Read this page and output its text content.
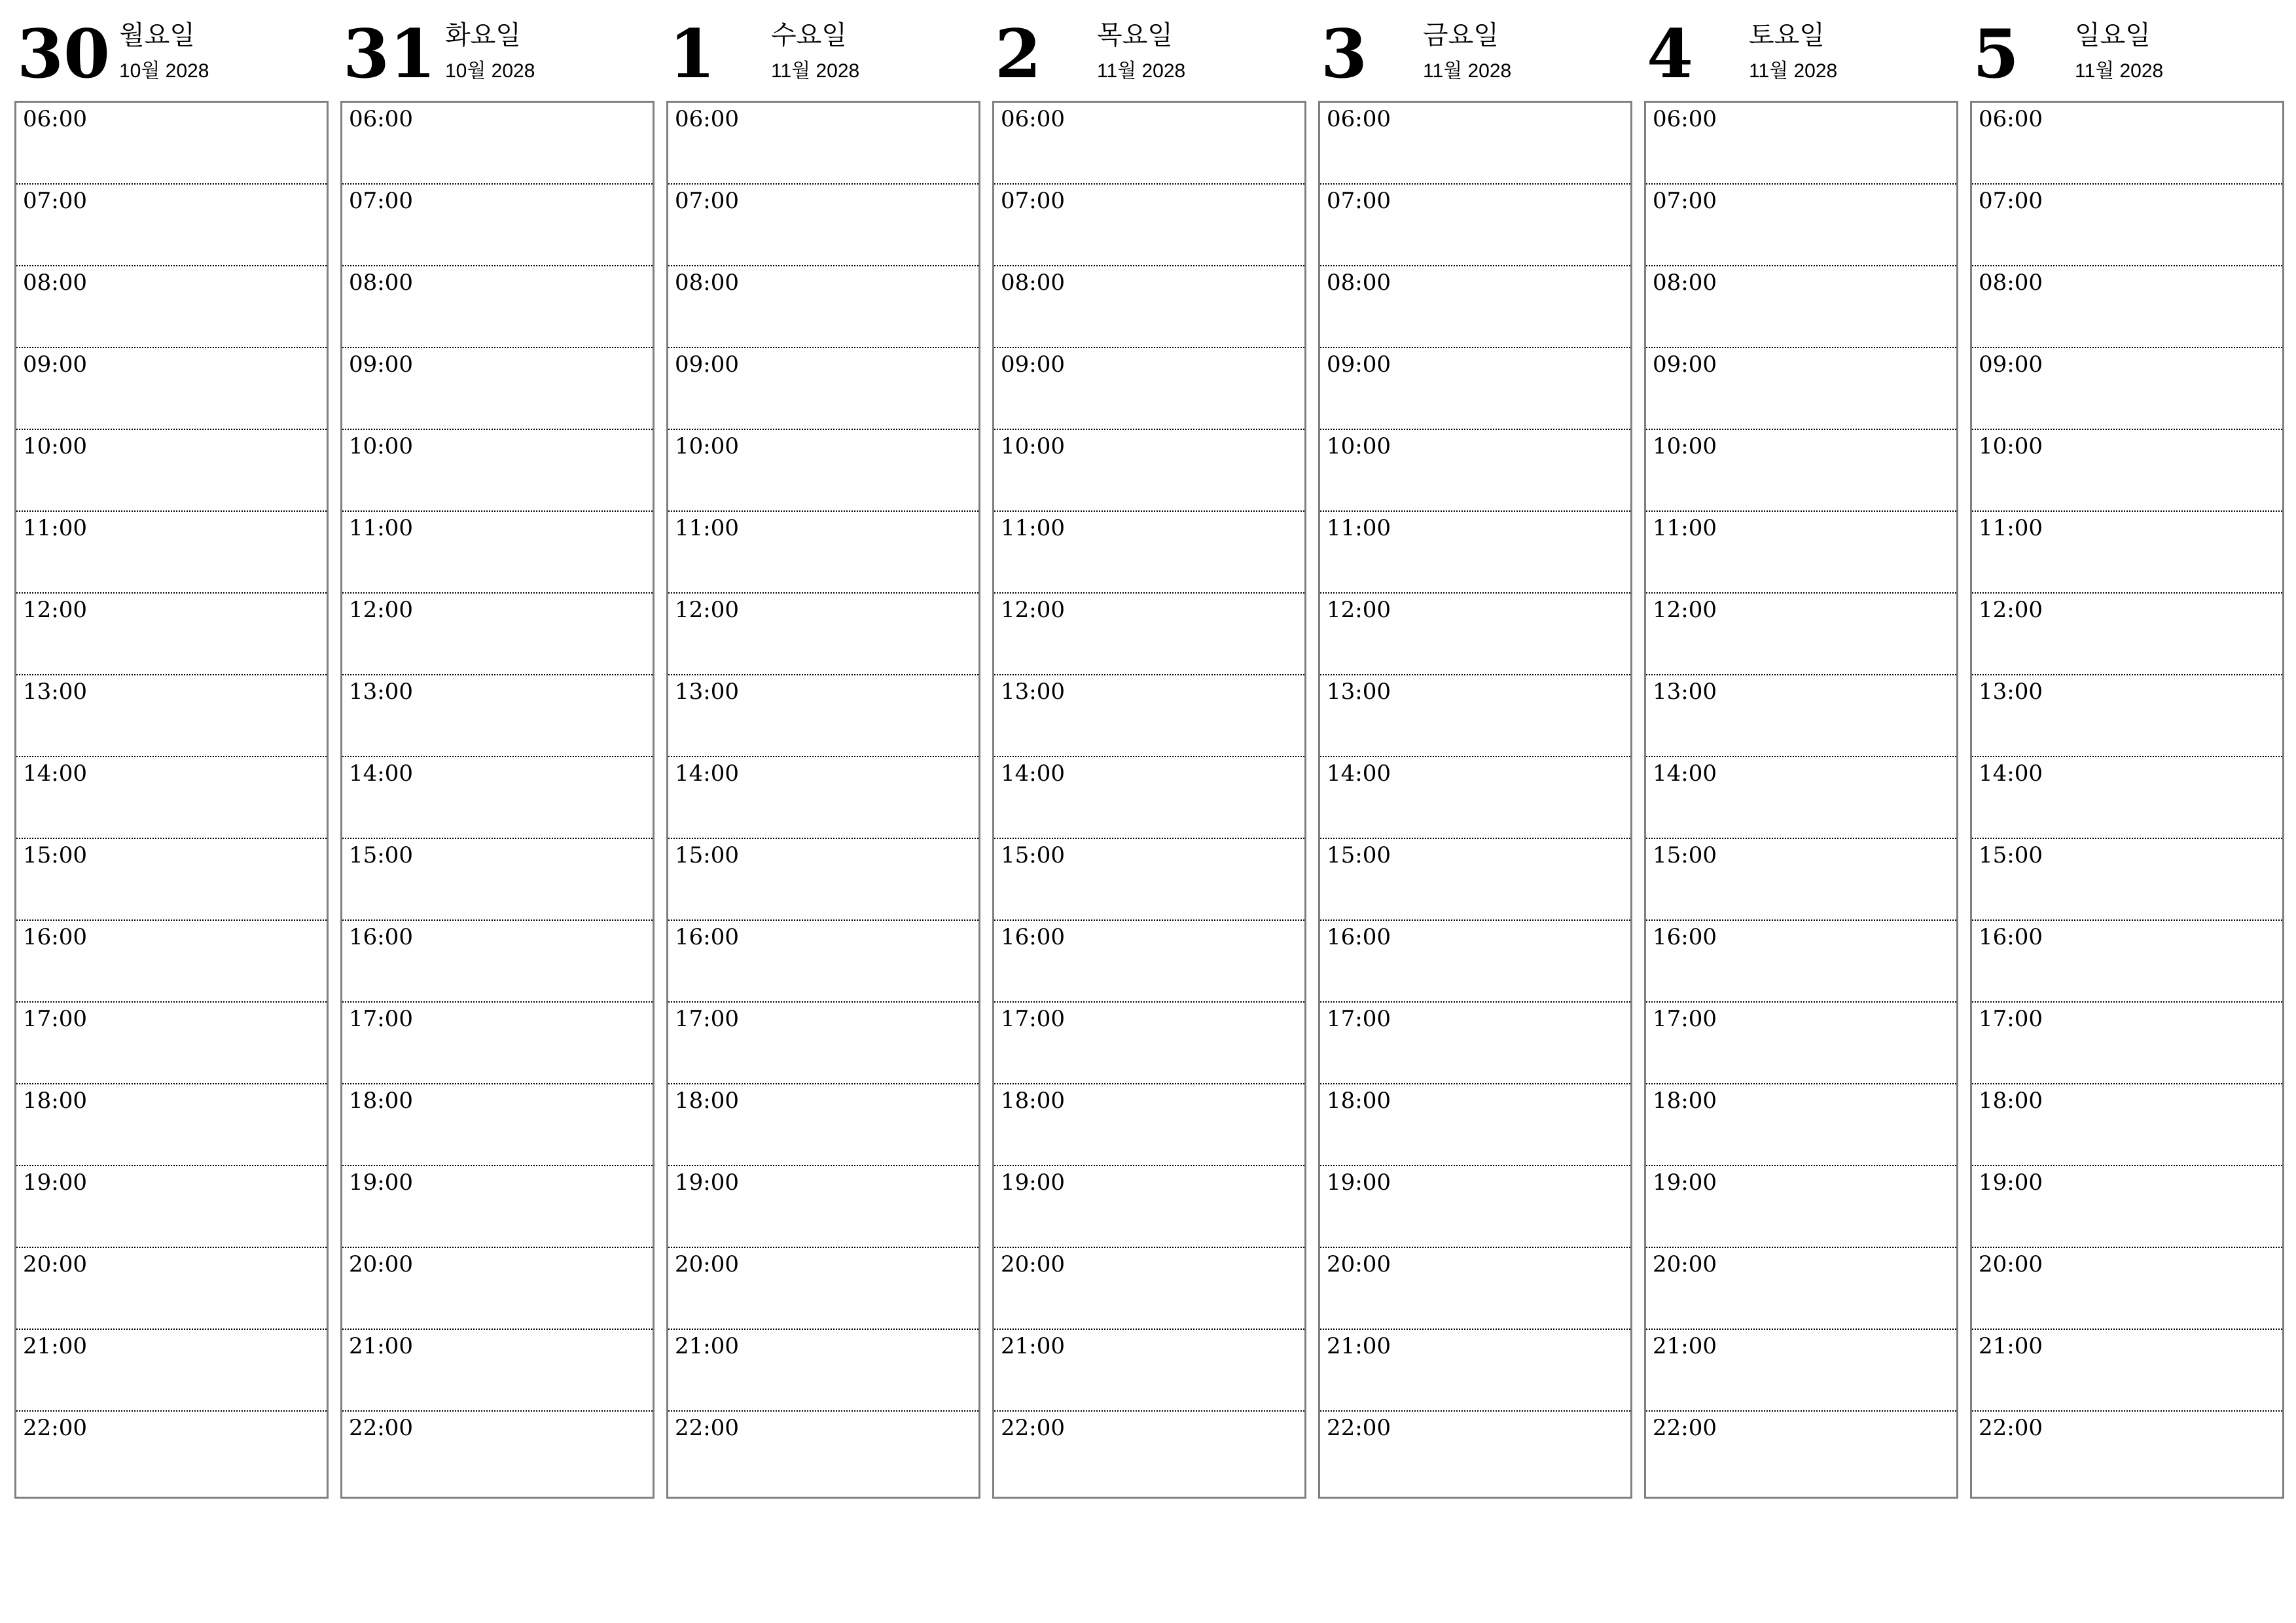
30 월요일
10월 2028
06:00
07:00
08:00
09:00
10:00
11:00
12:00
13:00
14:00
15:00
16:00
17:00
18:00
19:00
20:00
21:00
22:00
31 화요일
10월 2028
06:00
07:00
08:00
09:00
10:00
11:00
12:00
13:00
14:00
15:00
16:00
17:00
18:00
19:00
20:00
21:00
22:00
1 수요일
11월 2028
06:00
07:00
08:00
09:00
10:00
11:00
12:00
13:00
14:00
15:00
16:00
17:00
18:00
19:00
20:00
21:00
22:00
2 목요일
11월 2028
06:00
07:00
08:00
09:00
10:00
11:00
12:00
13:00
14:00
15:00
16:00
17:00
18:00
19:00
20:00
21:00
22:00
3 금요일
11월 2028
06:00
07:00
08:00
09:00
10:00
11:00
12:00
13:00
14:00
15:00
16:00
17:00
18:00
19:00
20:00
21:00
22:00
4 토요일
11월 2028
06:00
07:00
08:00
09:00
10:00
11:00
12:00
13:00
14:00
15:00
16:00
17:00
18:00
19:00
20:00
21:00
22:00
5 일요일
11월 2028
06:00
07:00
08:00
09:00
10:00
11:00
12:00
13:00
14:00
15:00
16:00
17:00
18:00
19:00
20:00
21:00
22:00
